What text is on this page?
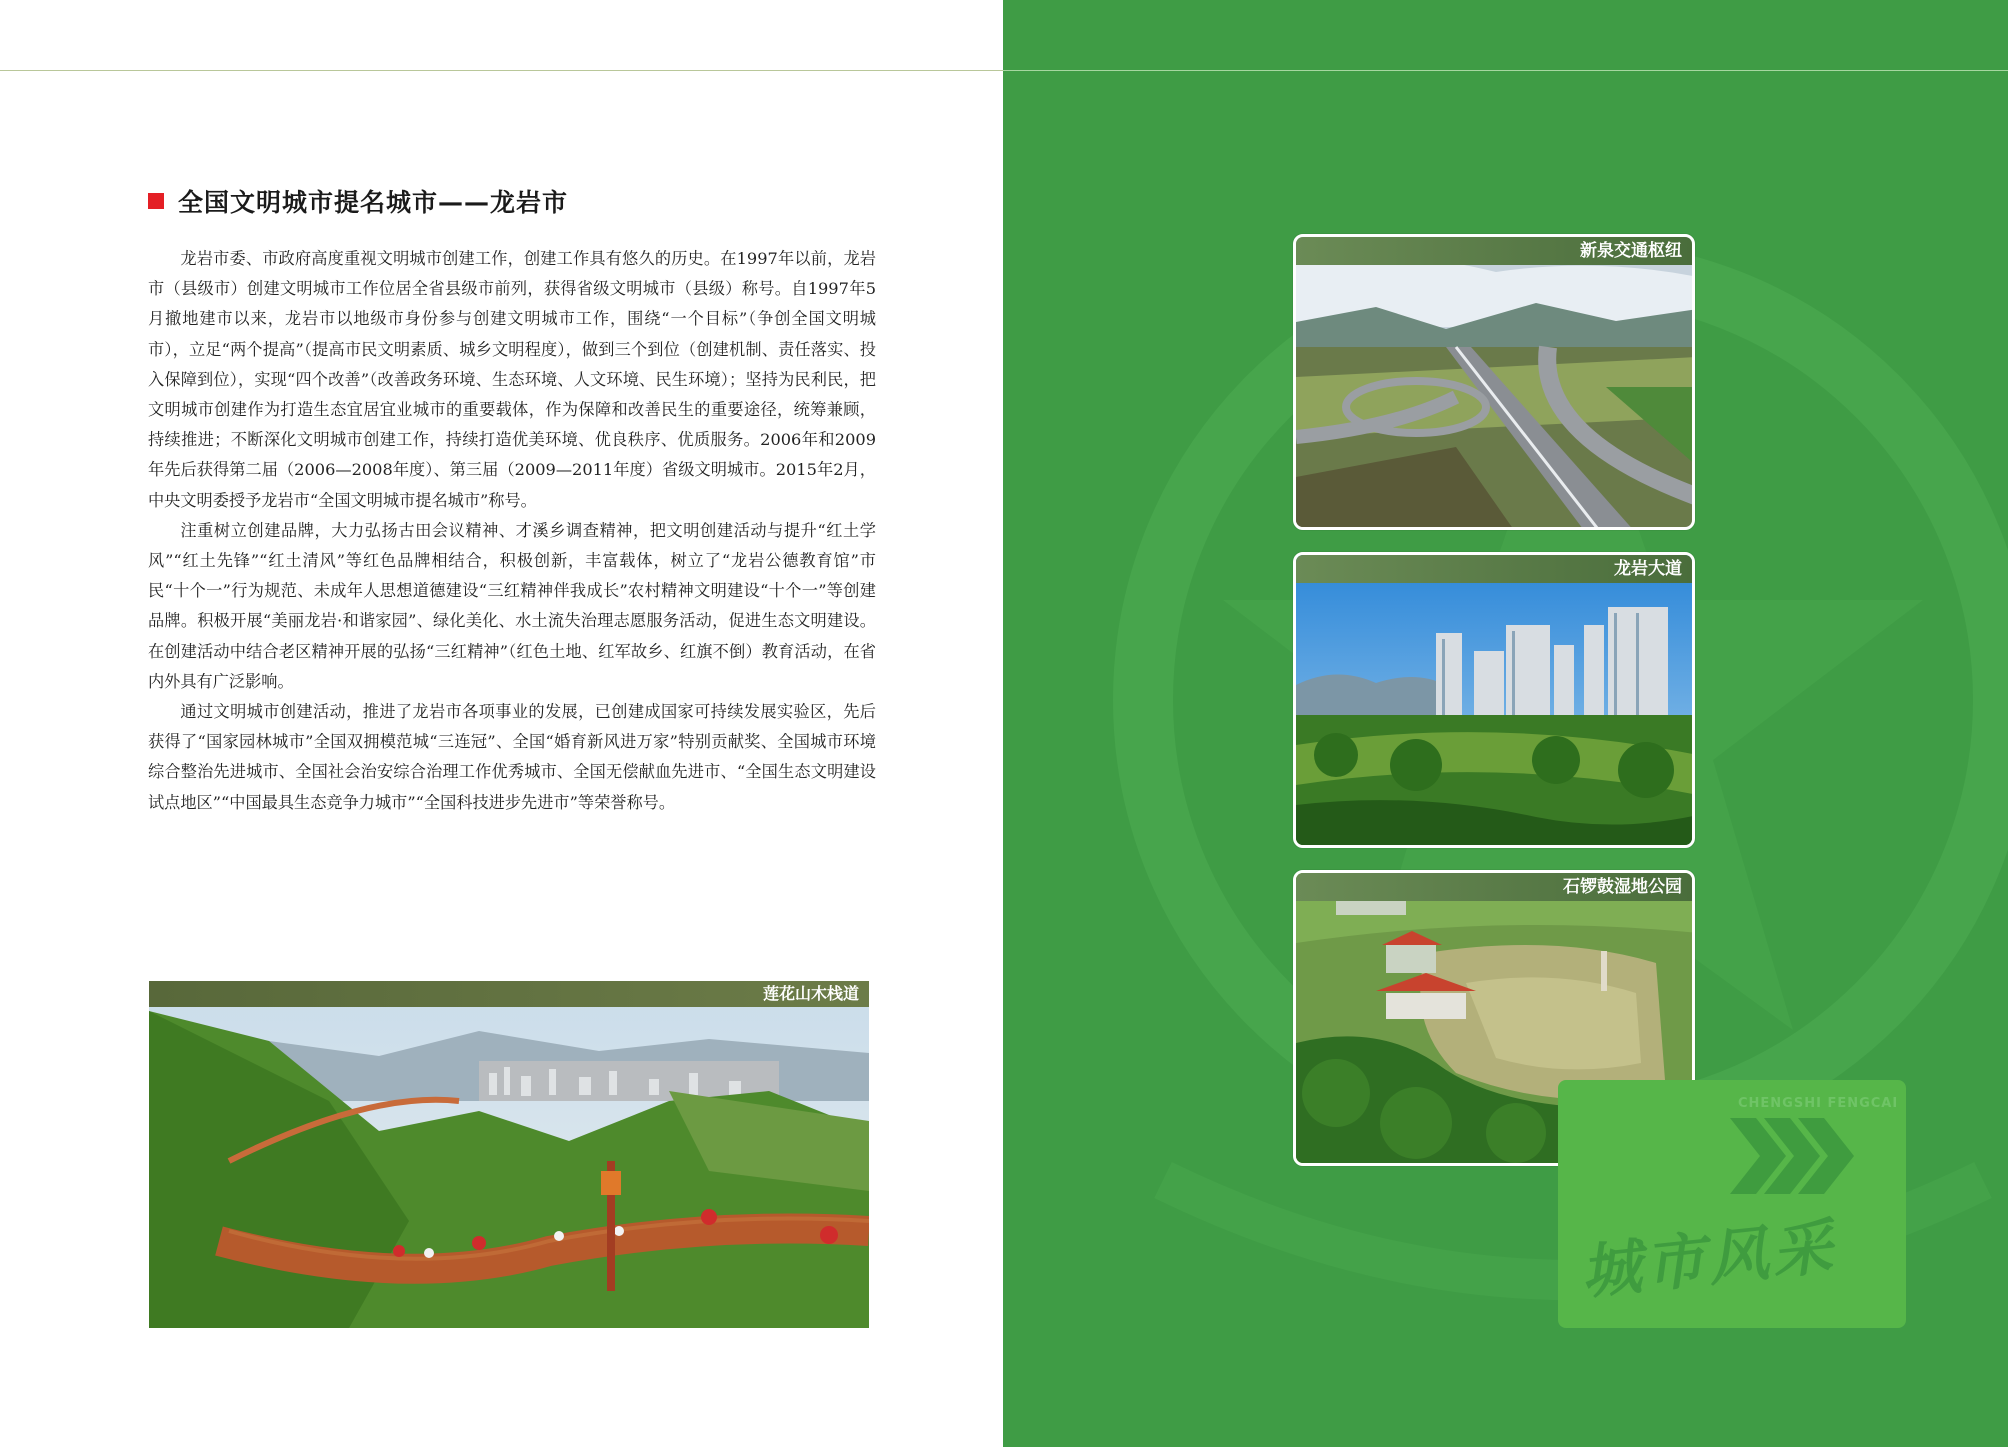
全国文明城市提名城市——龙岩市

龙岩市委、市政府高度重视文明城市创建工作，创建工作具有悠久的历史。在1997年以前，龙岩市（县级市）创建文明城市工作位居全省县级市前列，获得省级文明城市（县级）称号。自1997年5月撤地建市以来，龙岩市以地级市身份参与创建文明城市工作，围绕“一个目标”（争创全国文明城市），立足“两个提高”（提高市民文明素质、城乡文明程度），做到三个到位（创建机制、责任落实、投入保障到位），实现“四个改善”（改善政务环境、生态环境、人文环境、民生环境）；坚持为民利民，把文明城市创建作为打造生态宜居宜业城市的重要载体，作为保障和改善民生的重要途径，统筹兼顾，持续推进；不断深化文明城市创建工作，持续打造优美环境、优良秩序、优质服务。2006年和2009年先后获得第二届（2006—2008年度）、第三届（2009—2011年度）省级文明城市。2015年2月，中央文明委授予龙岩市“全国文明城市提名城市”称号。

注重树立创建品牌，大力弘扬古田会议精神、才溪乡调查精神，把文明创建活动与提升“红土学风”“红土先锋”“红土清风”等红色品牌相结合，积极创新，丰富载体，树立了“龙岩公德教育馆”市民“十个一”行为规范、未成年人思想道德建设“三红精神伴我成长”农村精神文明建设“十个一”等创建品牌。积极开展“美丽龙岩·和谐家园”、绿化美化、水土流失治理志愿服务活动，促进生态文明建设。在创建活动中结合老区精神开展的弘扬“三红精神”（红色土地、红军故乡、红旗不倒）教育活动，在省内外具有广泛影响。

通过文明城市创建活动，推进了龙岩市各项事业的发展，已创建成国家可持续发展实验区，先后获得了“国家园林城市”全国双拥模范城“三连冠”、全国“婚育新风进万家”特别贡献奖、全国城市环境综合整治先进城市、全国社会治安综合治理工作优秀城市、全国无偿献血先进市、“全国生态文明建设试点地区”“中国最具生态竞争力城市”“全国科技进步先进市”等荣誉称号。

莲花山木栈道
新泉交通枢纽
龙岩大道
石锣鼓湿地公园
CHENGSHI FENGCAI
城市风采
